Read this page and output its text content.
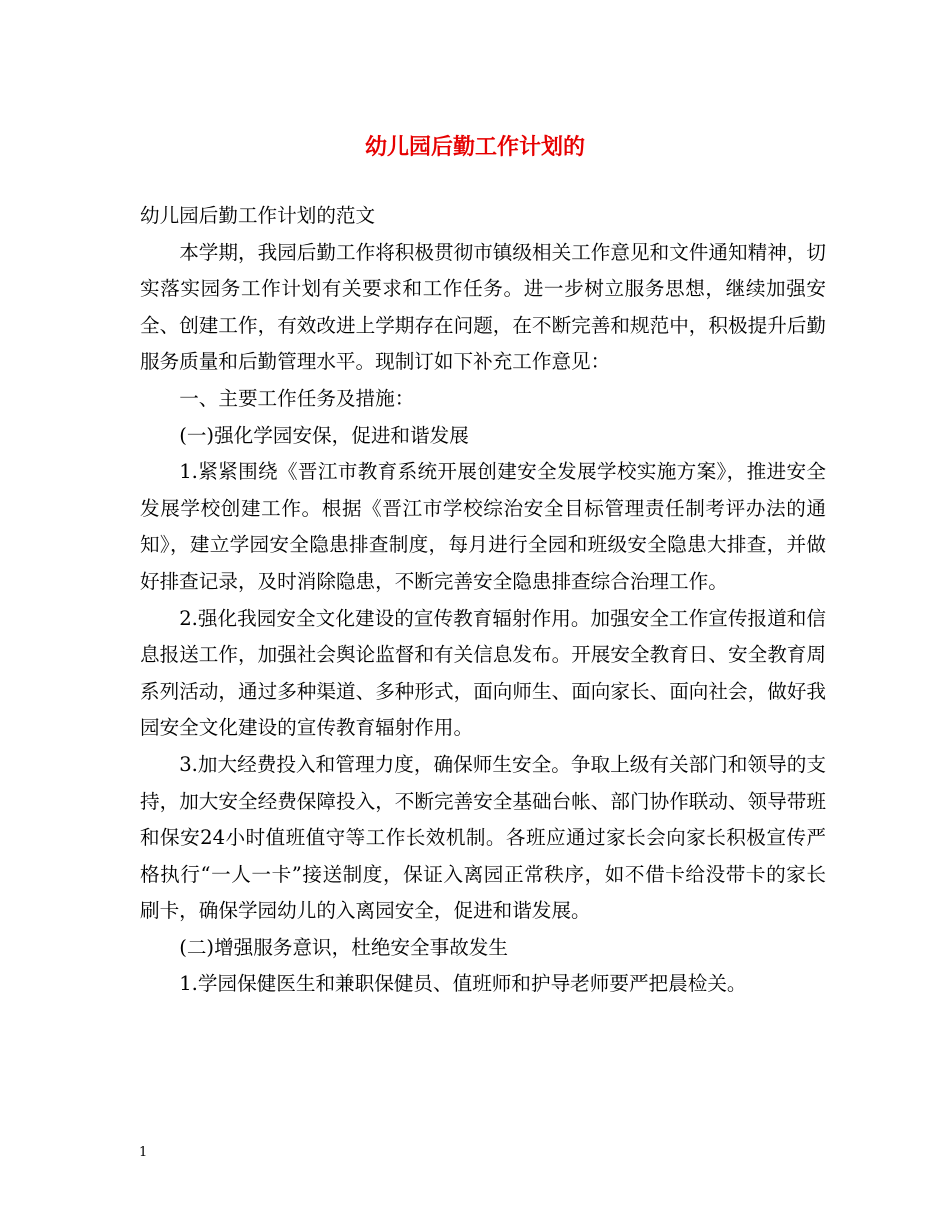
幼儿园后勤工作计划的

幼儿园后勤工作计划的范文

本学期，我园后勤工作将积极贯彻市镇级相关工作意见和文件通知精神，切实落实园务工作计划有关要求和工作任务。进一步树立服务思想，继续加强安全、创建工作，有效改进上学期存在问题，在不断完善和规范中，积极提升后勤服务质量和后勤管理水平。现制订如下补充工作意见：

一、主要工作任务及措施：

(一)强化学园安保，促进和谐发展

1.紧紧围绕《晋江市教育系统开展创建安全发展学校实施方案》，推进安全发展学校创建工作。根据《晋江市学校综治安全目标管理责任制考评办法的通知》，建立学园安全隐患排查制度，每月进行全园和班级安全隐患大排查，并做好排查记录，及时消除隐患，不断完善安全隐患排查综合治理工作。

2.强化我园安全文化建设的宣传教育辐射作用。加强安全工作宣传报道和信息报送工作，加强社会舆论监督和有关信息发布。开展安全教育日、安全教育周系列活动，通过多种渠道、多种形式，面向师生、面向家长、面向社会，做好我园安全文化建设的宣传教育辐射作用。

3.加大经费投入和管理力度，确保师生安全。争取上级有关部门和领导的支持，加大安全经费保障投入，不断完善安全基础台帐、部门协作联动、领导带班和保安24小时值班值守等工作长效机制。各班应通过家长会向家长积极宣传严格执行“一人一卡”接送制度，保证入离园正常秩序，如不借卡给没带卡的家长刷卡，确保学园幼儿的入离园安全，促进和谐发展。

(二)增强服务意识，杜绝安全事故发生

1.学园保健医生和兼职保健员、值班师和护导老师要严把晨检关。

1
